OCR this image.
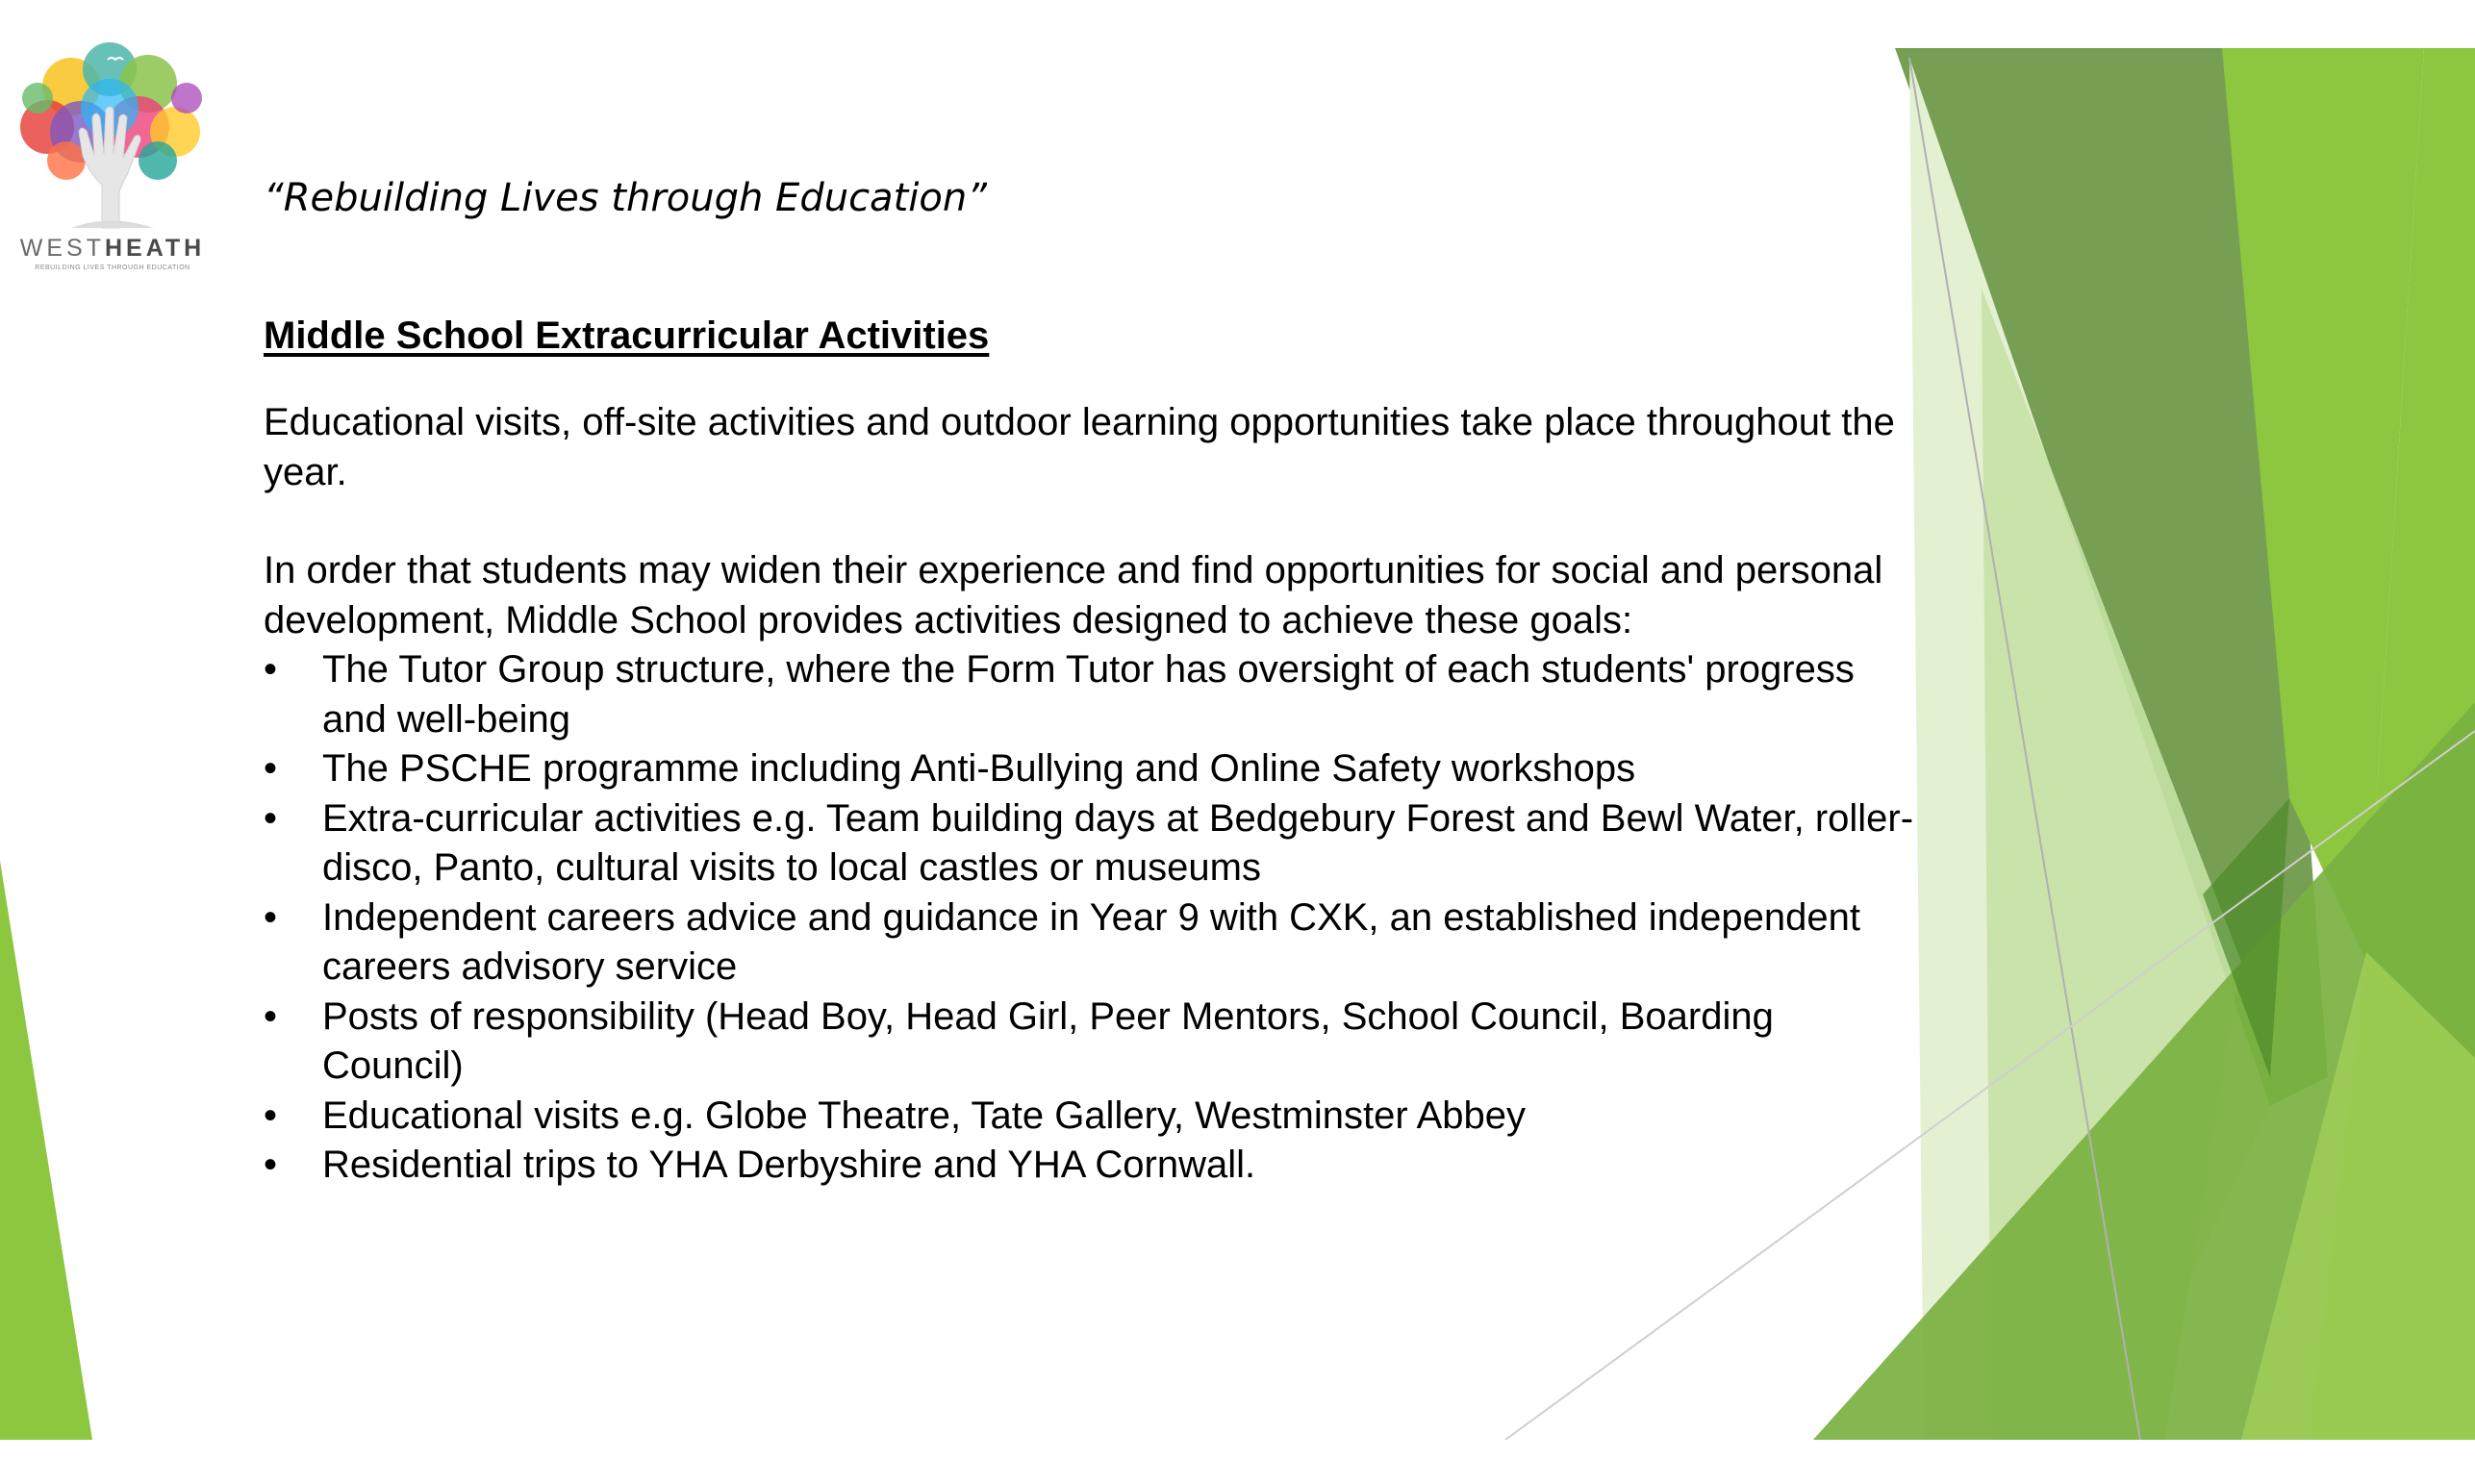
WESTHEATH
REBUILDING LIVES THROUGH EDUCATION

“Rebuilding Lives through Education”

Middle School Extracurricular Activities

Educational visits, off-site activities and outdoor learning opportunities take place throughout the year.

In order that students may widen their experience and find opportunities for social and personal development, Middle School provides activities designed to achieve these goals:

•	The Tutor Group structure, where the Form Tutor has oversight of each students' progress and well-being
•	The PSCHE programme including Anti-Bullying and Online Safety workshops
•	Extra-curricular activities e.g. Team building days at Bedgebury Forest and Bewl Water, roller-disco, Panto, cultural visits to local castles or museums
•	Independent careers advice and guidance in Year 9 with CXK, an established independent careers advisory service
•	Posts of responsibility (Head Boy, Head Girl, Peer Mentors, School Council, Boarding Council)
•	Educational visits e.g. Globe Theatre, Tate Gallery, Westminster Abbey
•	Residential trips to YHA Derbyshire and YHA Cornwall.
